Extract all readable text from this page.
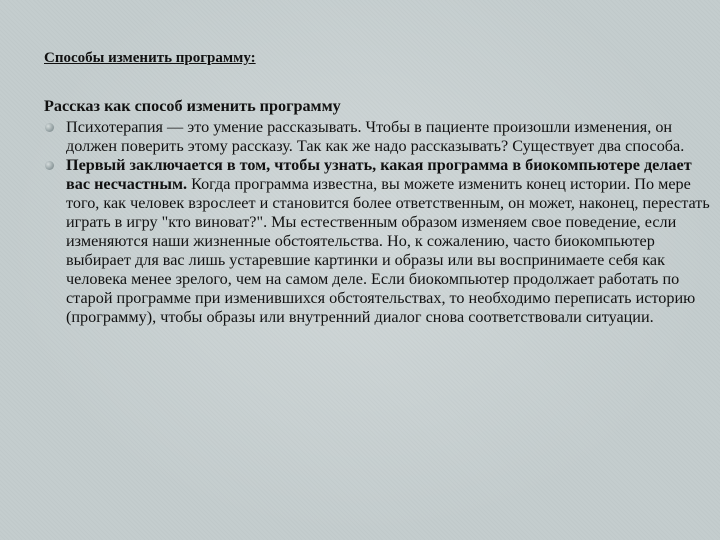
Способы изменить программу:
Рассказ как способ изменить программу
Психотерапия — это умение рассказывать. Чтобы в пациенте произошли изменения, он должен поверить этому рассказу. Так как же надо рассказывать? Существует два способа.
Первый заключается в том, чтобы узнать, какая программа в биокомпьютере делает вас несчастным. Когда программа известна, вы можете изменить конец истории. По мере того, как человек взрослеет и становится более ответственным, он может, наконец, перестать играть в игру "кто виноват?". Мы естественным образом изменяем свое поведение, если изменяются наши жизненные обстоятельства. Но, к сожалению, часто биокомпьютер выбирает для вас лишь устаревшие картинки и образы или вы воспринимаете себя как человека менее зрелого, чем на самом деле. Если биокомпьютер продолжает работать по старой программе при изменившихся обстоятельствах, то необходимо переписать историю (программу), чтобы образы или внутренний диалог снова соответствовали ситуации.
